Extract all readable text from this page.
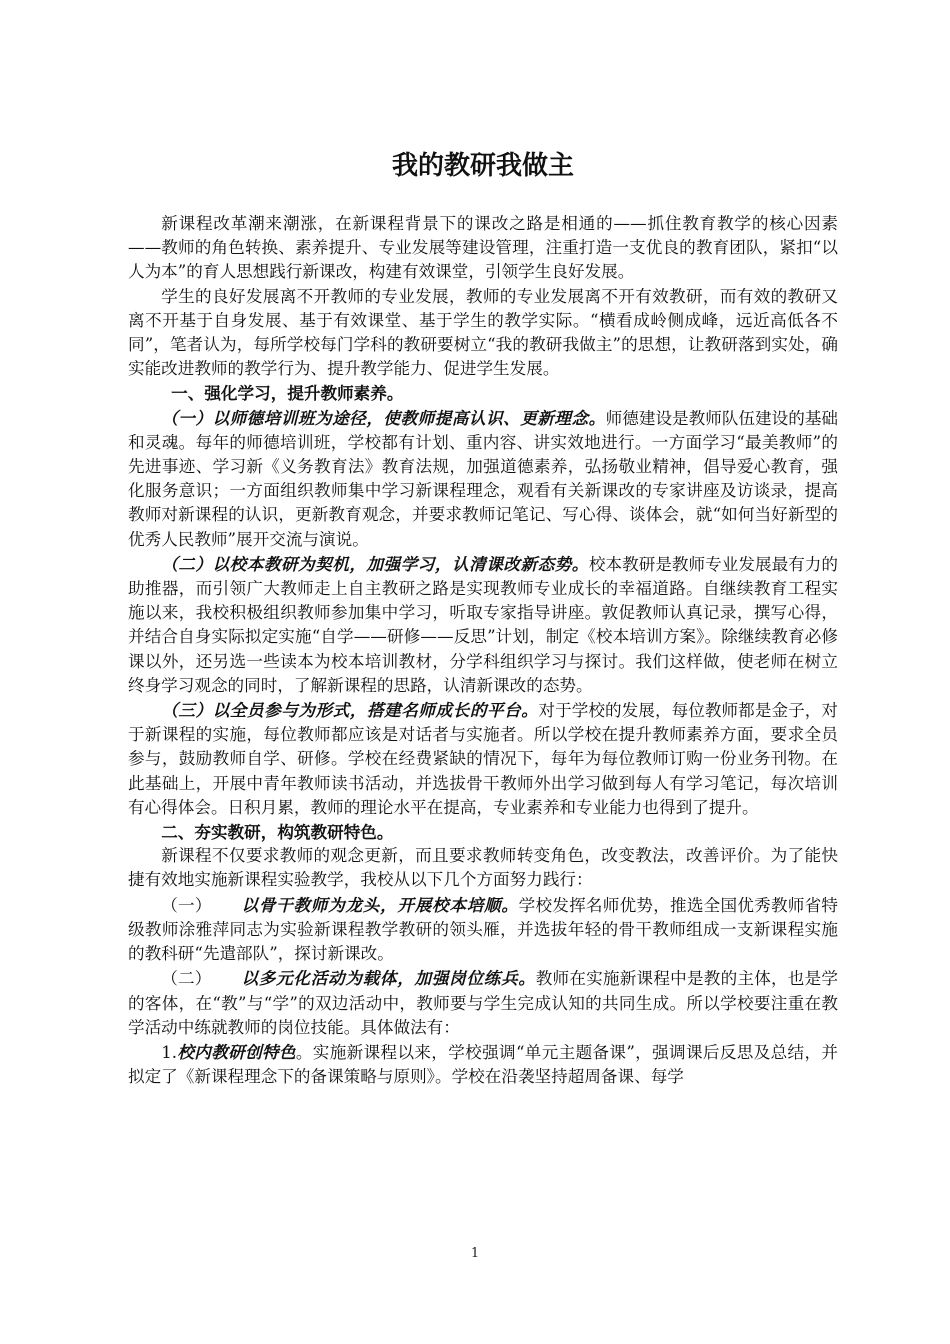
我的教研我做主

新课程改革潮来潮涨，在新课程背景下的课改之路是相通的——抓住教育教学的核心因素——教师的角色转换、素养提升、专业发展等建设管理，注重打造一支优良的教育团队，紧扣“以人为本”的育人思想践行新课改，构建有效课堂，引领学生良好发展。

学生的良好发展离不开教师的专业发展，教师的专业发展离不开有效教研，而有效的教研又离不开基于自身发展、基于有效课堂、基于学生的教学实际。“横看成岭侧成峰，远近高低各不同”，笔者认为，每所学校每门学科的教研要树立“我的教研我做主”的思想，让教研落到实处，确实能改进教师的教学行为、提升教学能力、促进学生发展。

一、强化学习，提升教师素养。

（一）以师德培训班为途径，使教师提高认识、更新理念。师德建设是教师队伍建设的基础和灵魂。每年的师德培训班，学校都有计划、重内容、讲实效地进行。一方面学习“最美教师”的先进事迹、学习新《义务教育法》教育法规，加强道德素养，弘扬敬业精神，倡导爱心教育，强化服务意识；一方面组织教师集中学习新课程理念，观看有关新课改的专家讲座及访谈录，提高教师对新课程的认识，更新教育观念，并要求教师记笔记、写心得、谈体会，就“如何当好新型的优秀人民教师”展开交流与演说。

（二）以校本教研为契机，加强学习，认清课改新态势。校本教研是教师专业发展最有力的助推器，而引领广大教师走上自主教研之路是实现教师专业成长的幸福道路。自继续教育工程实施以来，我校积极组织教师参加集中学习，听取专家指导讲座。敦促教师认真记录，撰写心得，并结合自身实际拟定实施“自学——研修——反思”计划，制定《校本培训方案》。除继续教育必修课以外，还另选一些读本为校本培训教材，分学科组织学习与探讨。我们这样做，使老师在树立终身学习观念的同时，了解新课程的思路，认清新课改的态势。

（三）以全员参与为形式，搭建名师成长的平台。对于学校的发展，每位教师都是金子，对于新课程的实施，每位教师都应该是对话者与实施者。所以学校在提升教师素养方面，要求全员参与，鼓励教师自学、研修。学校在经费紧缺的情况下，每年为每位教师订购一份业务刊物。在此基础上，开展中青年教师读书活动，并选拔骨干教师外出学习做到每人有学习笔记，每次培训有心得体会。日积月累，教师的理论水平在提高，专业素养和专业能力也得到了提升。

二、夯实教研，构筑教研特色。

新课程不仅要求教师的观念更新，而且要求教师转变角色，改变教法，改善评价。为了能快捷有效地实施新课程实验教学，我校从以下几个方面努力践行：

（一） 以骨干教师为龙头，开展校本培顺。学校发挥名师优势，推选全国优秀教师省特级教师涂雅萍同志为实验新课程教学教研的领头雁，并选拔年轻的骨干教师组成一支新课程实施的教科研“先遣部队”，探讨新课改。

（二） 以多元化活动为载体，加强岗位练兵。教师在实施新课程中是教的主体，也是学的客体，在“教”与“学”的双边活动中，教师要与学生完成认知的共同生成。所以学校要注重在教学活动中练就教师的岗位技能。具体做法有：

1.校内教研创特色。实施新课程以来，学校强调“单元主题备课”，强调课后反思及总结，并拟定了《新课程理念下的备课策略与原则》。学校在沿袭坚持超周备课、每学

1
